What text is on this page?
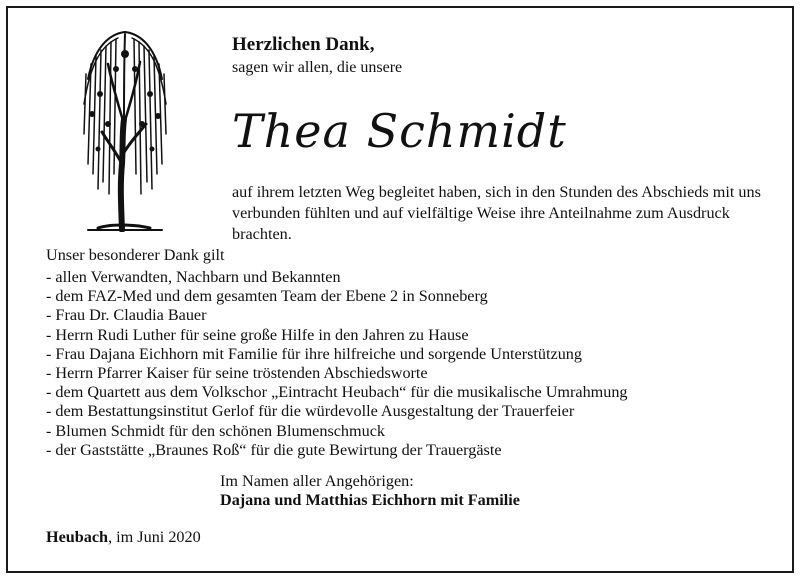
Herzlichen Dank,
sagen wir allen, die unsere
Thea Schmidt
auf ihrem letzten Weg begleitet haben, sich in den Stunden des Abschieds mit uns verbunden fühlten und auf vielfältige Weise ihre Anteilnahme zum Ausdruck brachten.
Unser besonderer Dank gilt
- allen Verwandten, Nachbarn und Bekannten
- dem FAZ-Med und dem gesamten Team der Ebene 2 in Sonneberg
- Frau Dr. Claudia Bauer
- Herrn Rudi Luther für seine große Hilfe in den Jahren zu Hause
- Frau Dajana Eichhorn mit Familie für ihre hilfreiche und sorgende Unterstützung
- Herrn Pfarrer Kaiser für seine tröstenden Abschiedsworte
- dem Quartett aus dem Volkschor „Eintracht Heubach“ für die musikalische Umrahmung
- dem Bestattungsinstitut Gerlof für die würdevolle Ausgestaltung der Trauerfeier
- Blumen Schmidt für den schönen Blumenschmuck
- der Gaststätte „Braunes Roß“ für die gute Bewirtung der Trauergäste
Im Namen aller Angehörigen:
Dajana und Matthias Eichhorn mit Familie
Heubach, im Juni 2020
